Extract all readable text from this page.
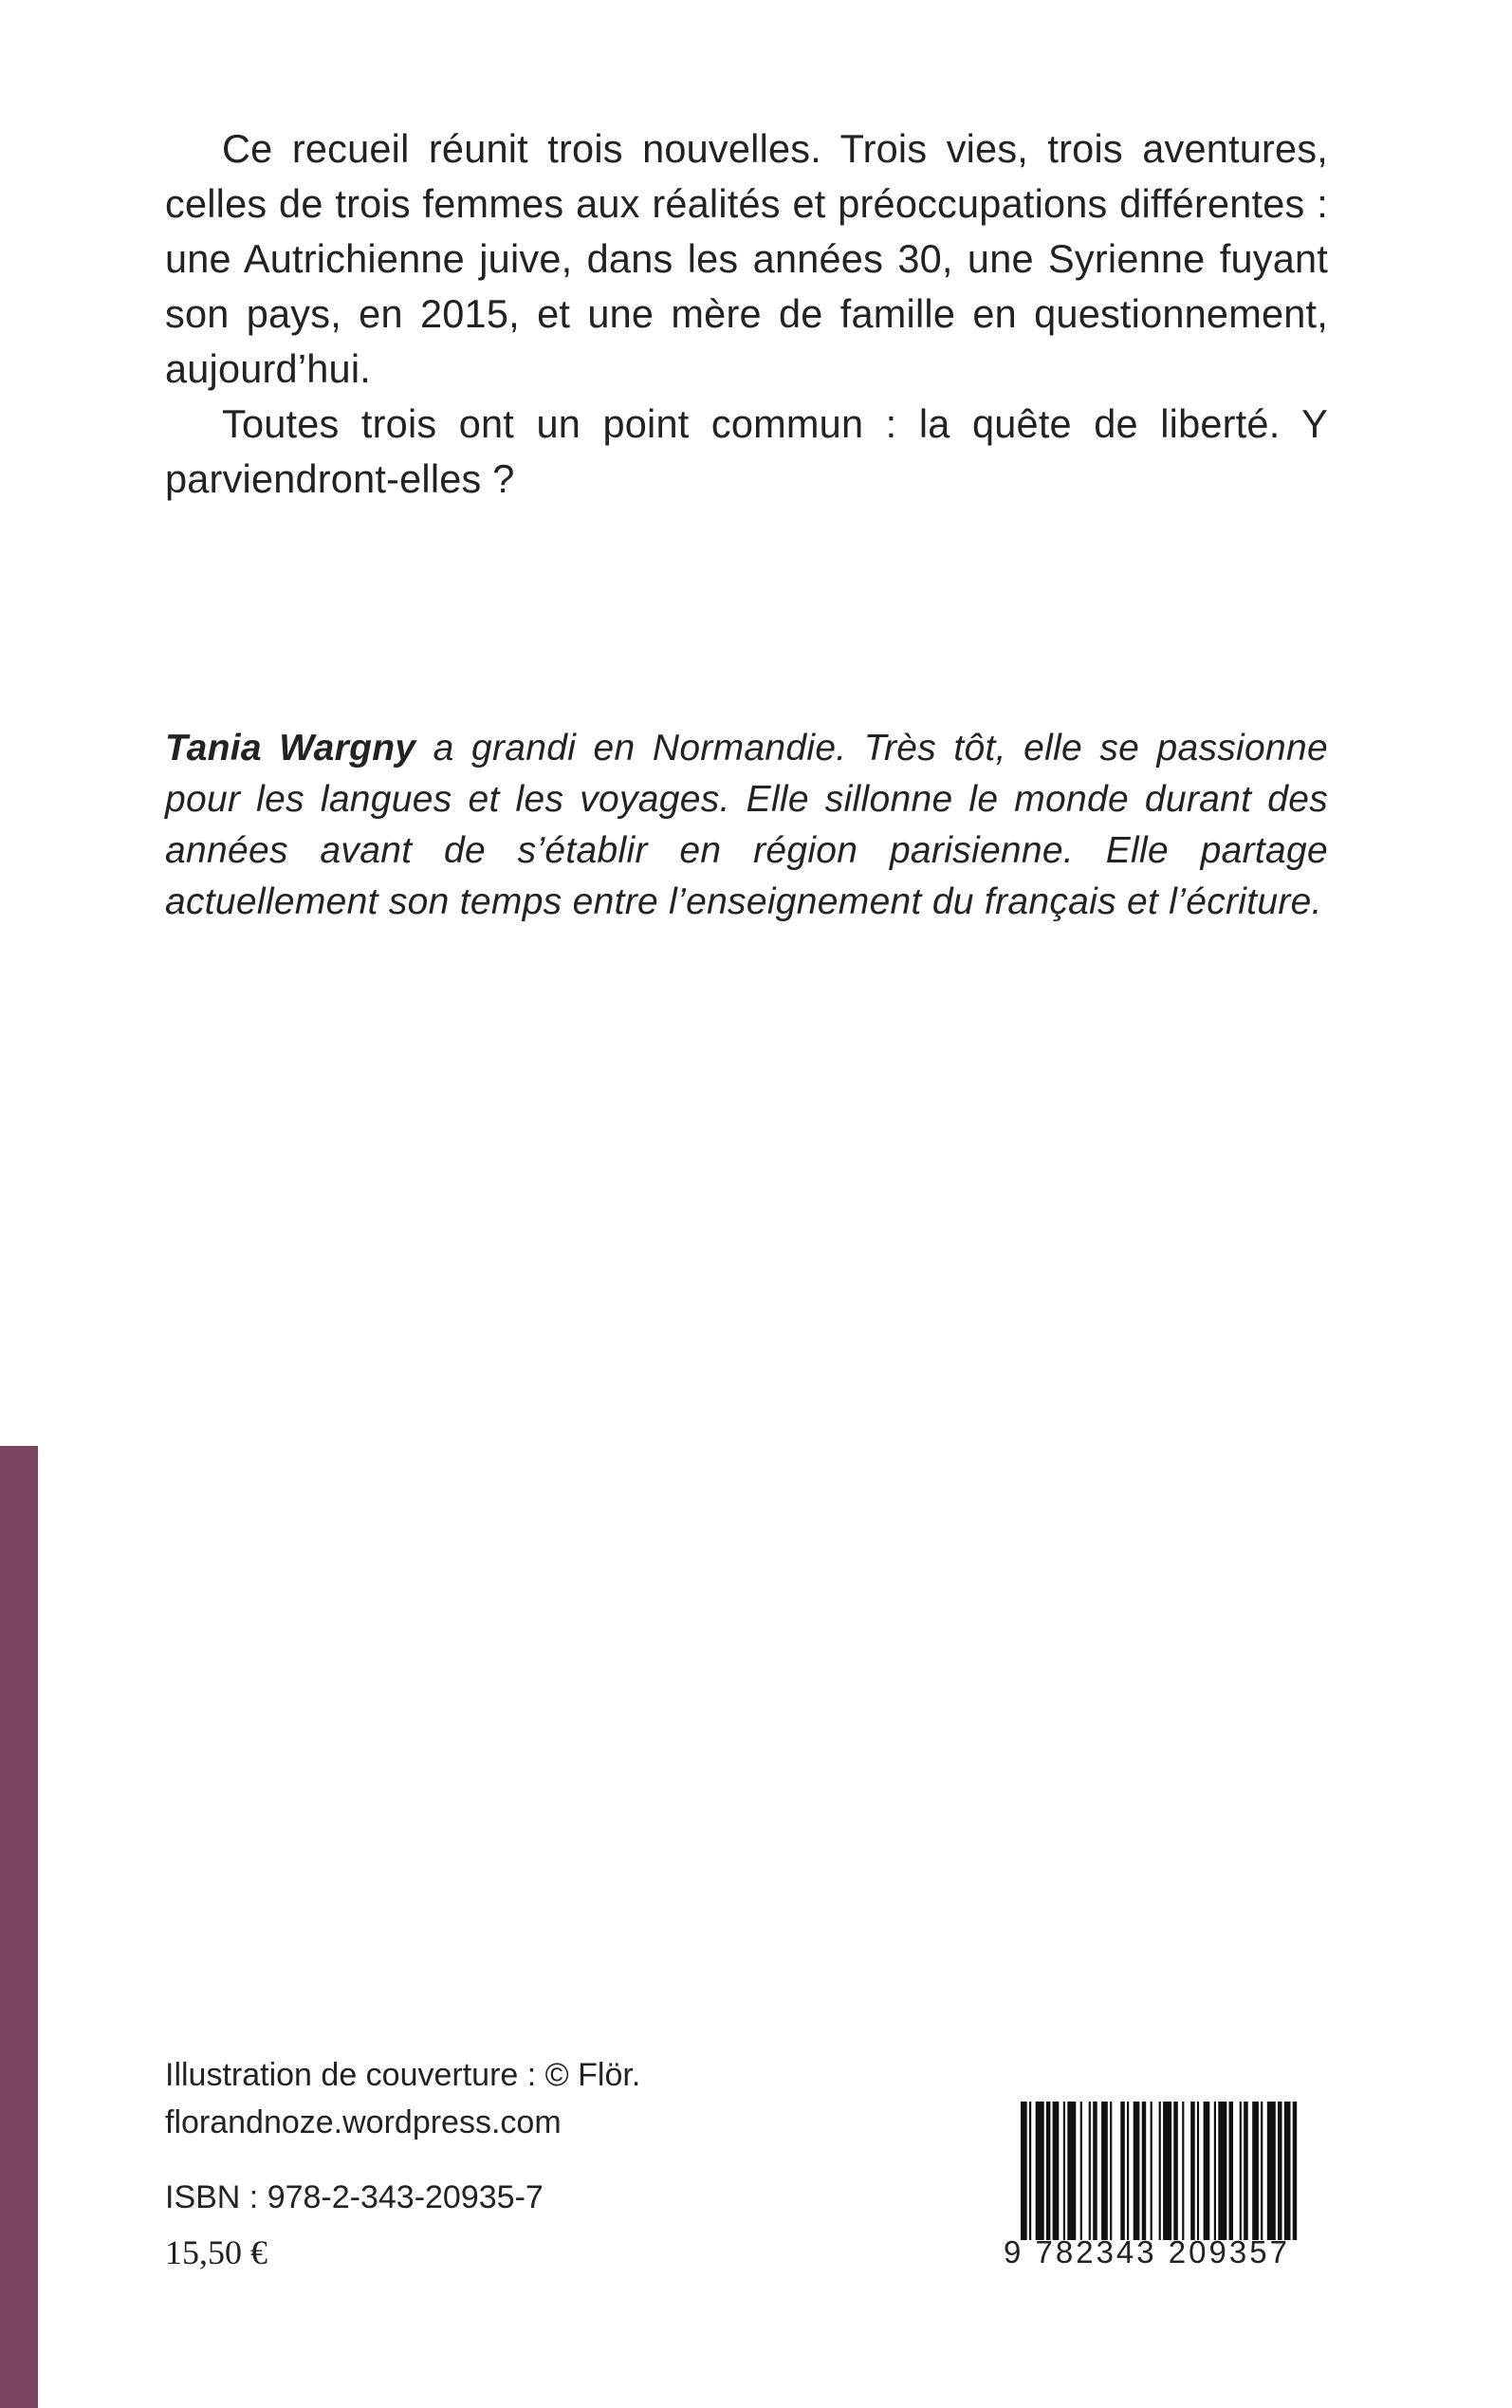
Ce recueil réunit trois nouvelles. Trois vies, trois aventures, celles de trois femmes aux réalités et préoccupations différentes : une Autrichienne juive, dans les années 30, une Syrienne fuyant son pays, en 2015, et une mère de famille en questionnement, aujourd’hui.

Toutes trois ont un point commun : la quête de liberté. Y parviendront-elles ?

Tania Wargny a grandi en Normandie. Très tôt, elle se passionne pour les langues et les voyages. Elle sillonne le monde durant des années avant de s’établir en région parisienne. Elle partage actuellement son temps entre l’enseignement du français et l’écriture.

Illustration de couverture : © Flör.
florandnoze.wordpress.com
ISBN : 978-2-343-20935-7
15,50 €	9 782343 209357
